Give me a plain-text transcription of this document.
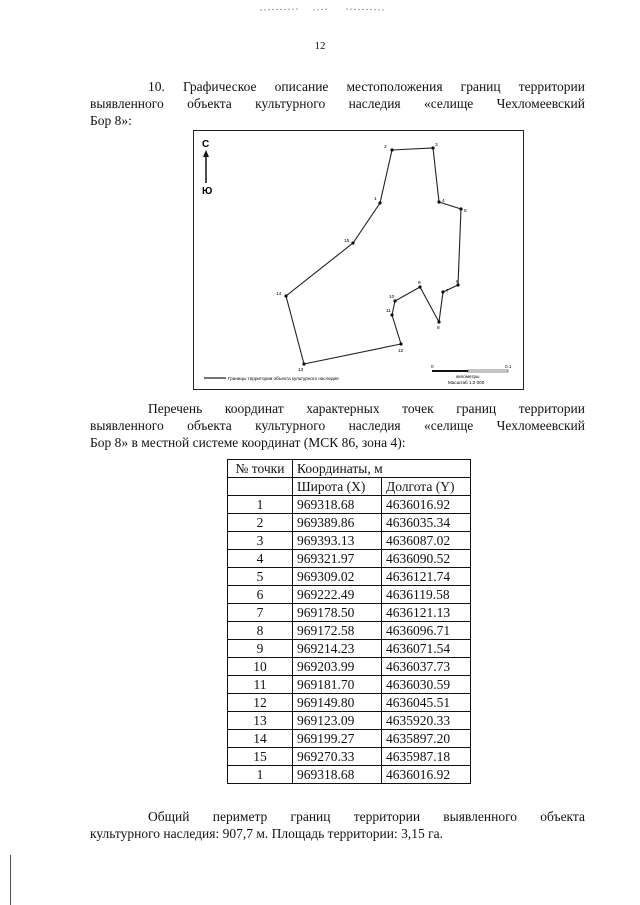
12
10. Графическое описание местоположения границ территории
выявленного объекта культурного наследия «селище Чехломеевский
Бор 8»:
С
Ю
1
2	3
4
5
6
7
8
9
10
11
12
13
14
15
Границы территории объекта культурного наследия
0	0.1
километры
Масштаб 1:2 000
Перечень координат характерных точек границ территории
выявленного объекта культурного наследия «селище Чехломеевский
Бор 8» в местной системе координат (МСК 86, зона 4):
№ точки	Координаты, м	
	Широта (X)	Долгота (Y)
1	969318.68	4636016.92
2	969389.86	4636035.34
3	969393.13	4636087.02
4	969321.97	4636090.52
5	969309.02	4636121.74
6	969222.49	4636119.58
7	969178.50	4636121.13
8	969172.58	4636096.71
9	969214.23	4636071.54
10	969203.99	4636037.73
11	969181.70	4636030.59
12	969149.80	4636045.51
13	969123.09	4635920.33
14	969199.27	4635897.20
15	969270.33	4635987.18
1	969318.68	4636016.92
Общий периметр границ территории выявленного объекта
культурного наследия: 907,7 м. Площадь территории: 3,15 га.
